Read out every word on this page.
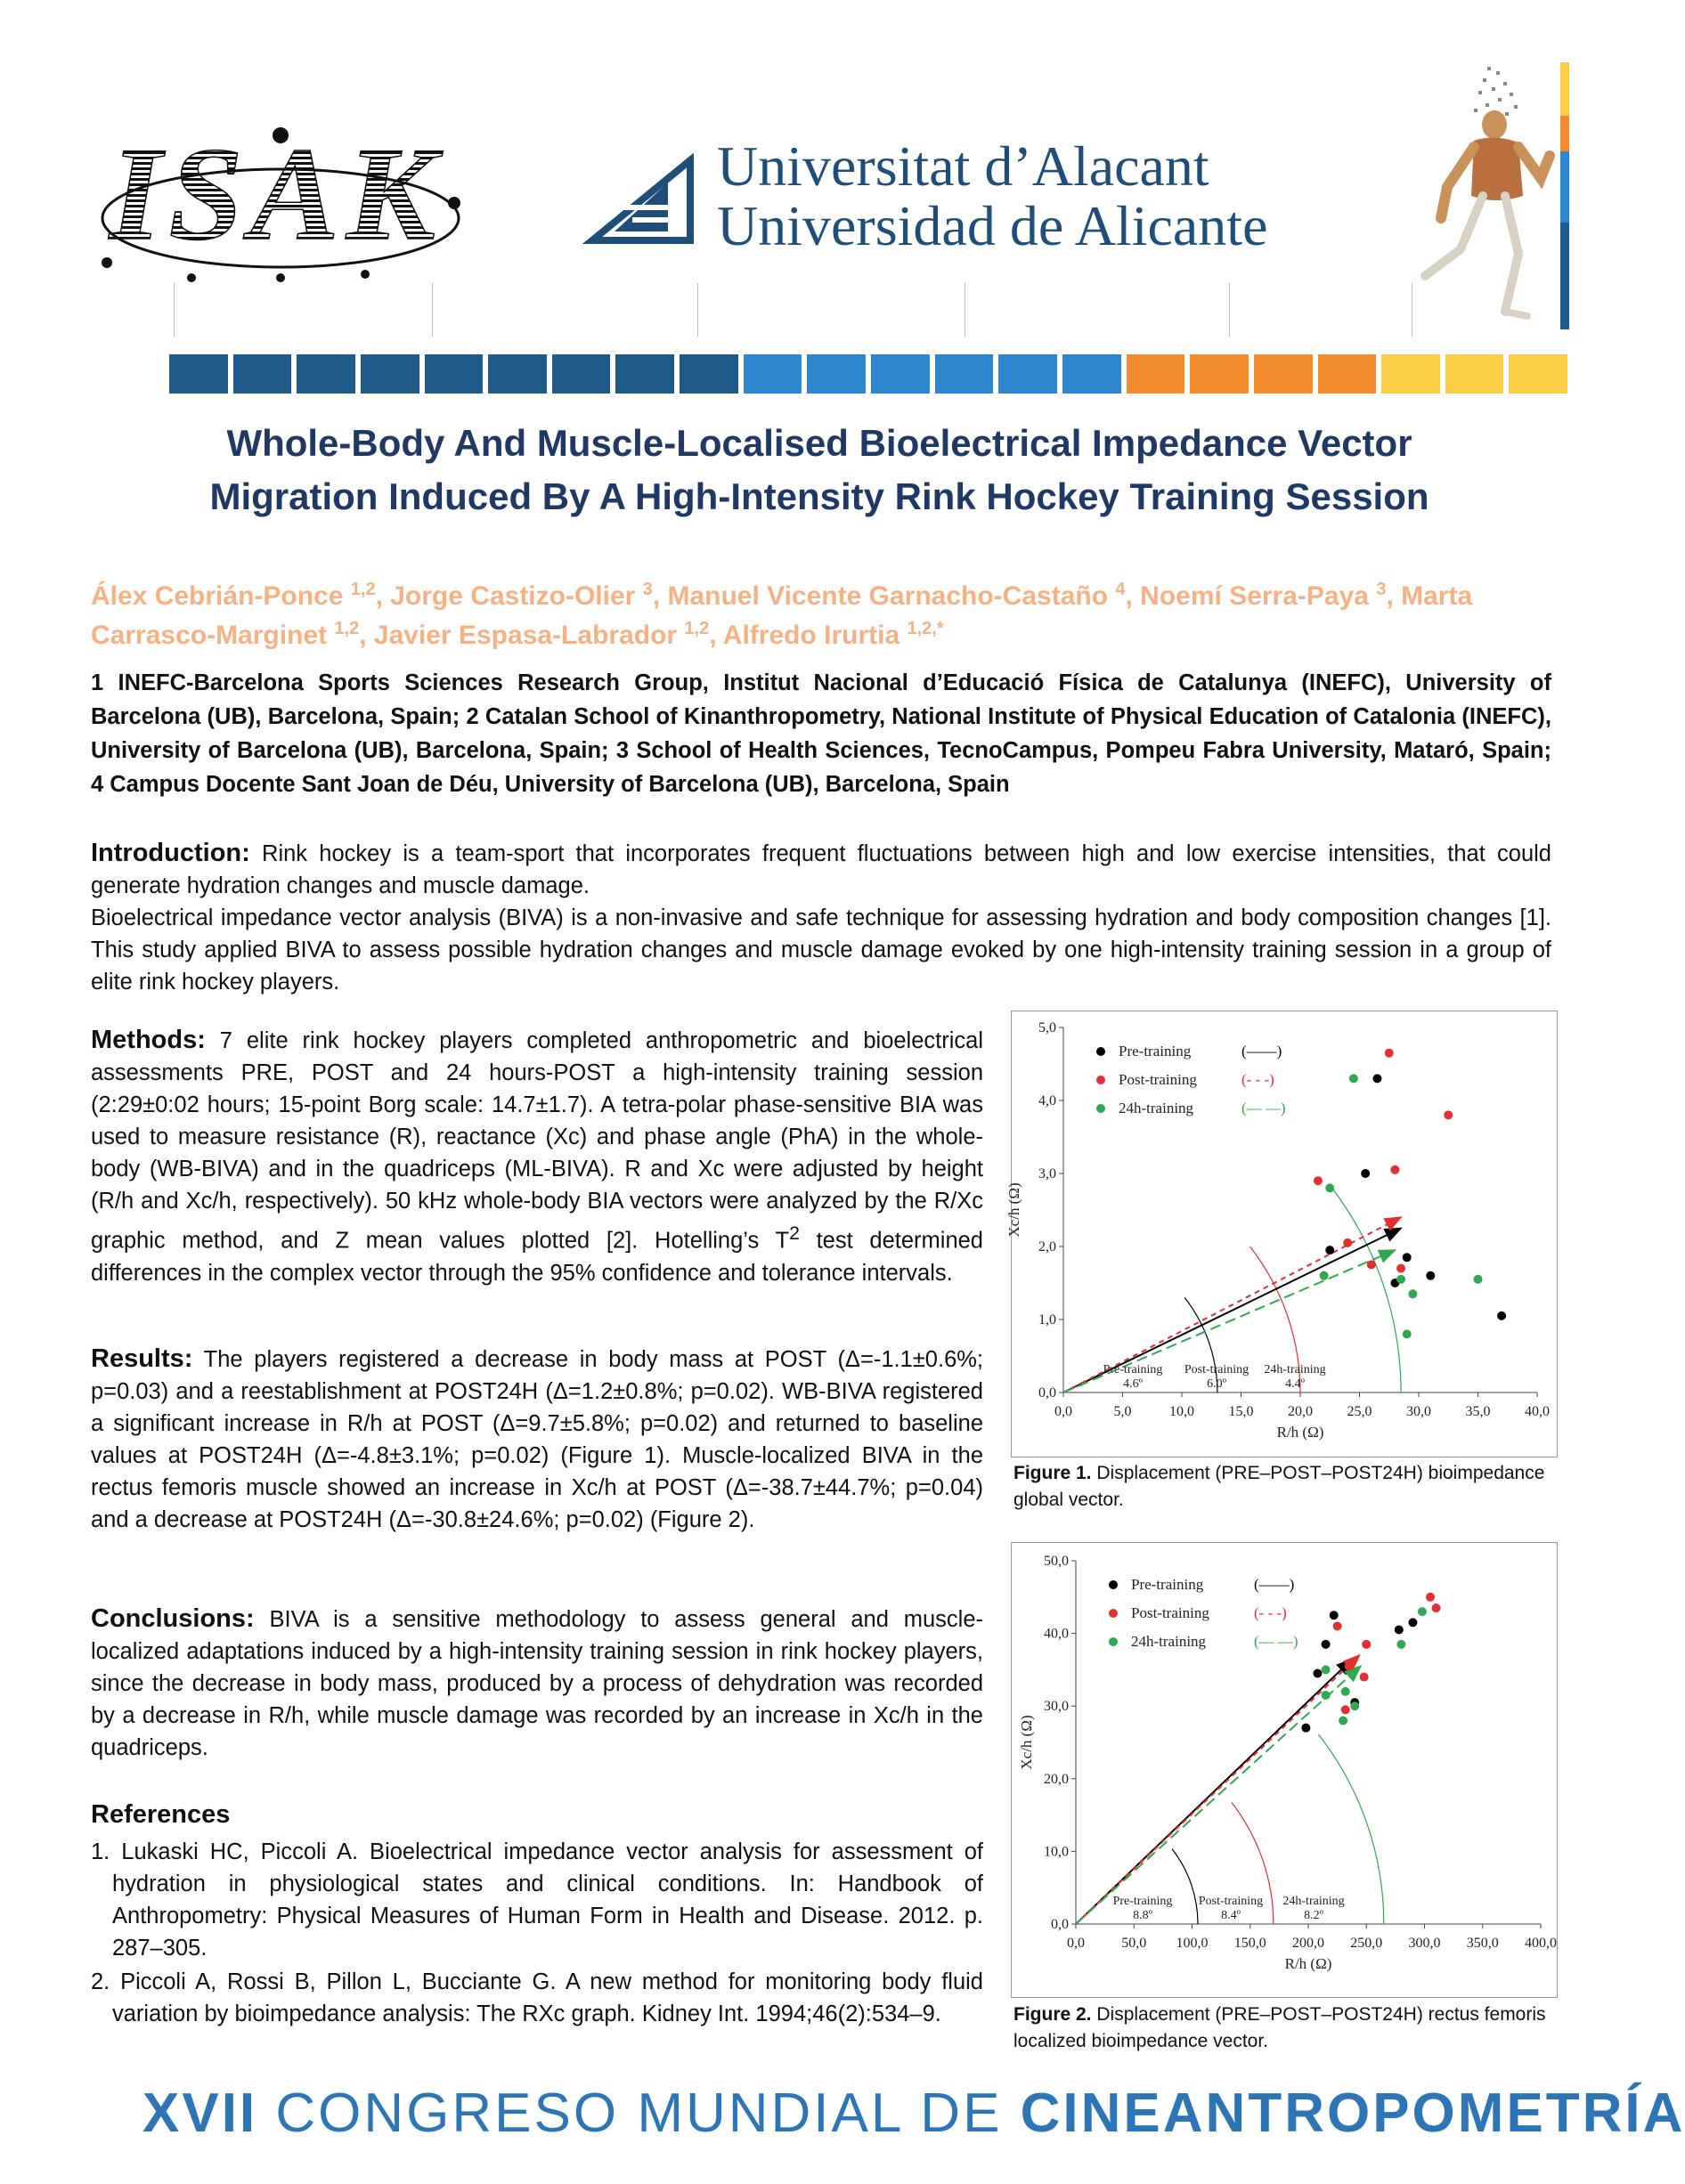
ISAK	Universitat d’Alacant
Universidad de Alicante
Whole-Body And Muscle-Localised Bioelectrical Impedance Vector
Migration Induced By A High-Intensity Rink Hockey Training Session
Álex Cebrián-Ponce $^{1,2}$, Jorge Castizo-Olier $^3$, Manuel Vicente Garnacho-Castaño $^4$, Noemí Serra-Paya $^3$, Marta Carrasco-Marginet $^{1,2}$, Javier Espasa-Labrador $^{1,2}$, Alfredo Irurtia $^{1,2,*}$
1 INEFC-Barcelona Sports Sciences Research Group, Institut Nacional d’Educació Física de Catalunya (INEFC), University of Barcelona (UB), Barcelona, Spain; 2 Catalan School of Kinanthropometry, National Institute of Physical Education of Catalonia (INEFC), University of Barcelona (UB), Barcelona, Spain; 3 School of Health Sciences, TecnoCampus, Pompeu Fabra University, Mataró, Spain; 4 Campus Docente Sant Joan de Déu, University of Barcelona (UB), Barcelona, Spain
Introduction: Rink hockey is a team-sport that incorporates frequent fluctuations between high and low exercise intensities, that could generate hydration changes and muscle damage.
Bioelectrical impedance vector analysis (BIVA) is a non-invasive and safe technique for assessing hydration and body composition changes [1]. This study applied BIVA to assess possible hydration changes and muscle damage evoked by one high-intensity training session in a group of elite rink hockey players.
Methods: 7 elite rink hockey players completed anthropometric and bioelectrical assessments PRE, POST and 24 hours-POST a high-intensity training session (2:29±0:02 hours; 15-point Borg scale: 14.7±1.7). A tetra-polar phase-sensitive BIA was used to measure resistance (R), reactance (Xc) and phase angle (PhA) in the whole-body (WB-BIVA) and in the quadriceps (ML-BIVA). R and Xc were adjusted by height (R/h and Xc/h, respectively). 50 kHz whole-body BIA vectors were analyzed by the R/Xc graphic method, and Z mean values plotted [2]. Hotelling’s $T^2$ test determined differences in the complex vector through the 95% confidence and tolerance intervals.
Results: The players registered a decrease in body mass at POST (Δ=-1.1±0.6%; p=0.03) and a reestablishment at POST24H (Δ=1.2±0.8%; p=0.02). WB-BIVA registered a significant increase in R/h at POST (Δ=9.7±5.8%; p=0.02) and returned to baseline values at POST24H (Δ=-4.8±3.1%; p=0.02) (Figure 1). Muscle-localized BIVA in the rectus femoris muscle showed an increase in Xc/h at POST (Δ=-38.7±44.7%; p=0.04) and a decrease at POST24H (Δ=-30.8±24.6%; p=0.02) (Figure 2).
Conclusions: BIVA is a sensitive methodology to assess general and muscle-localized adaptations induced by a high-intensity training session in rink hockey players, since the decrease in body mass, produced by a process of dehydration was recorded by a decrease in R/h, while muscle damage was recorded by an increase in Xc/h in the quadriceps.
References
1. Lukaski HC, Piccoli A. Bioelectrical impedance vector analysis for assessment of hydration in physiological states and clinical conditions. In: Handbook of Anthropometry: Physical Measures of Human Form in Health and Disease. 2012. p. 287–305.
2. Piccoli A, Rossi B, Pillon L, Bucciante G. A new method for monitoring body fluid variation by bioimpedance analysis: The RXc graph. Kidney Int. 1994;46(2):534–9.
0,0	5,0	10,0 15,0 20,0 25,0 30,0 35,0 40,0
0,0
1,0
2,0
3,0
4,0
5,0
R/h (Ω)
Xc/h (Ω)
Pre-training
4.6º
Post-training
6.0º
24h-training
4.4º
Pre-training	(——)
Post-training	(- - -)
24h-training	(— —)
Figure 1. Displacement (PRE–POST–POST24H) bioimpedance global vector.
0,0	50,0 100,0 150,0 200,0 250,0 300,0 350,0 400,0
0,0
10,0
20,0
30,0
40,0
50,0
R/h (Ω)
Xc/h (Ω)
Pre-training
8.8º
Post-training
8.4º
24h-training
8.2º
Pre-training	(——)
Post-training	(- - -)
24h-training	(— —)
Figure 2. Displacement (PRE–POST–POST24H) rectus femoris localized bioimpedance vector.
XVII CONGRESO MUNDIAL DE CINEANTROPOMETRÍA
